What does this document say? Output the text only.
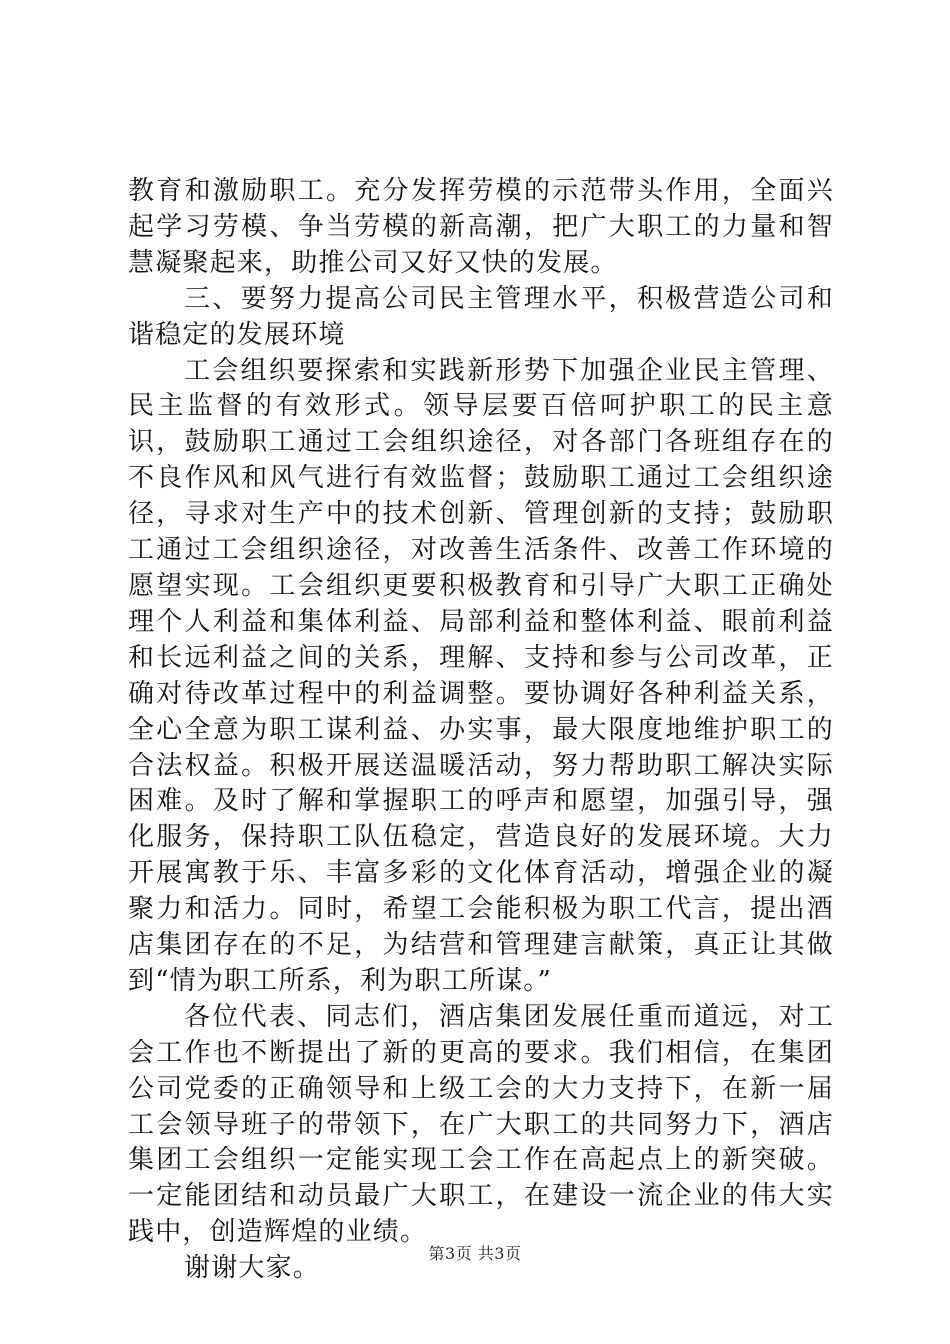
教育和激励职工。充分发挥劳模的示范带头作用，全面兴起学习劳模、争当劳模的新高潮，把广大职工的力量和智慧凝聚起来，助推公司又好又快的发展。

三、要努力提高公司民主管理水平，积极营造公司和谐稳定的发展环境

工会组织要探索和实践新形势下加强企业民主管理、民主监督的有效形式。领导层要百倍呵护职工的民主意识，鼓励职工通过工会组织途径，对各部门各班组存在的不良作风和风气进行有效监督；鼓励职工通过工会组织途径，寻求对生产中的技术创新、管理创新的支持；鼓励职工通过工会组织途径，对改善生活条件、改善工作环境的愿望实现。工会组织更要积极教育和引导广大职工正确处理个人利益和集体利益、局部利益和整体利益、眼前利益和长远利益之间的关系，理解、支持和参与公司改革，正确对待改革过程中的利益调整。要协调好各种利益关系，全心全意为职工谋利益、办实事，最大限度地维护职工的合法权益。积极开展送温暖活动，努力帮助职工解决实际困难。及时了解和掌握职工的呼声和愿望，加强引导，强化服务，保持职工队伍稳定，营造良好的发展环境。大力开展寓教于乐、丰富多彩的文化体育活动，增强企业的凝聚力和活力。同时，希望工会能积极为职工代言，提出酒店集团存在的不足，为结营和管理建言献策，真正让其做到“情为职工所系，利为职工所谋。”

各位代表、同志们，酒店集团发展任重而道远，对工会工作也不断提出了新的更高的要求。我们相信，在集团公司党委的正确领导和上级工会的大力支持下，在新一届工会领导班子的带领下，在广大职工的共同努力下，酒店集团工会组织一定能实现工会工作在高起点上的新突破。一定能团结和动员最广大职工，在建设一流企业的伟大实践中，创造辉煌的业绩。

谢谢大家。	第3页 共3页
